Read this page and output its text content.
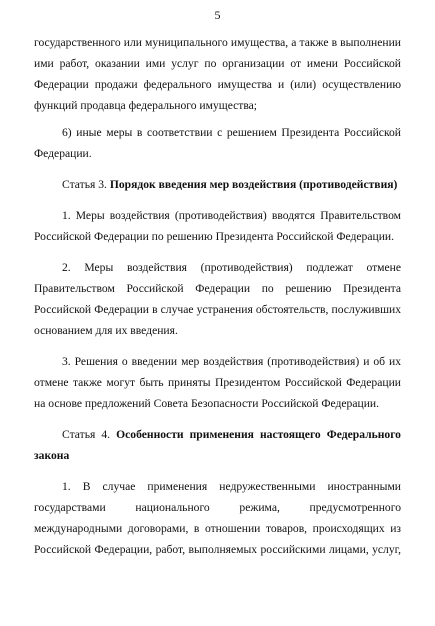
5

государственного или муниципального имущества, а также в выполнении ими работ, оказании ими услуг по организации от имени Российской Федерации продажи федерального имущества и (или) осуществлению функций продавца федерального имущества;

6) иные меры в соответствии с решением Президента Российской Федерации.

Статья 3. Порядок введения мер воздействия (противодействия)

1. Меры воздействия (противодействия) вводятся Правительством Российской Федерации по решению Президента Российской Федерации.

2. Меры воздействия (противодействия) подлежат отмене Правительством Российской Федерации по решению Президента Российской Федерации в случае устранения обстоятельств, послуживших основанием для их введения.

3. Решения о введении мер воздействия (противодействия) и об их отмене также могут быть приняты Президентом Российской Федерации на основе предложений Совета Безопасности Российской Федерации.

Статья 4. Особенности применения настоящего Федерального закона

1. В случае применения недружественными иностранными государствами национального режима, предусмотренного международными договорами, в отношении товаров, происходящих из Российской Федерации, работ, выполняемых российскими лицами, услуг,
